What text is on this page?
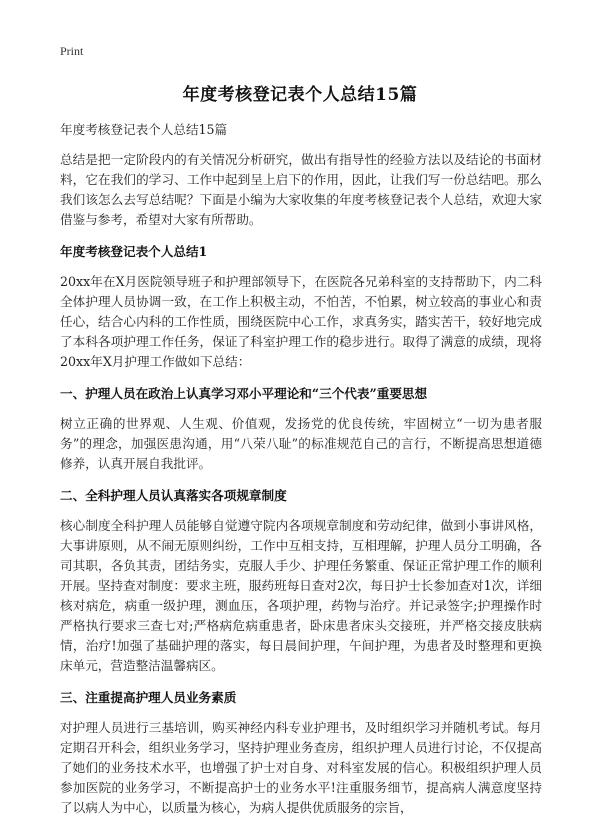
Print
年度考核登记表个人总结15篇

年度考核登记表个人总结15篇

总结是把一定阶段内的有关情况分析研究，做出有指导性的经验方法以及结论的书面材料，它在我们的学习、工作中起到呈上启下的作用，因此，让我们写一份总结吧。那么我们该怎么去写总结呢？下面是小编为大家收集的年度考核登记表个人总结，欢迎大家借鉴与参考，希望对大家有所帮助。

年度考核登记表个人总结1

20xx年在X月医院领导班子和护理部领导下，在医院各兄弟科室的支持帮助下，内二科全体护理人员协调一致，在工作上积极主动，不怕苦，不怕累，树立较高的事业心和责任心，结合心内科的工作性质，围绕医院中心工作，求真务实，踏实苦干，较好地完成了本科各项护理工作任务，保证了科室护理工作的稳步进行。取得了满意的成绩，现将20xx年X月护理工作做如下总结：

一、护理人员在政治上认真学习邓小平理论和“三个代表”重要思想

树立正确的世界观、人生观、价值观，发扬党的优良传统，牢固树立“一切为患者服务”的理念，加强医患沟通，用“八荣八耻”的标准规范自己的言行，不断提高思想道德修养，认真开展自我批评。

二、全科护理人员认真落实各项规章制度

核心制度全科护理人员能够自觉遵守院内各项规章制度和劳动纪律，做到小事讲风格，大事讲原则，从不闹无原则纠纷，工作中互相支持，互相理解，护理人员分工明确，各司其职，各负其责，团结务实，克服人手少、护理任务繁重、保证正常护理工作的顺利开展。坚持查对制度：要求主班，服药班每日查对2次，每日护士长参加查对1次，详细核对病危，病重一级护理，测血压，各项护理，药物与治疗。并记录签字;护理操作时严格执行要求三查七对;严格病危病重患者，卧床患者床头交接班，并严格交接皮肤病情，治疗!加强了基础护理的落实，每日晨间护理，午间护理，为患者及时整理和更换床单元，营造整洁温馨病区。

三、注重提高护理人员业务素质

对护理人员进行三基培训，购买神经内科专业护理书，及时组织学习并随机考试。每月定期召开科会，组织业务学习，坚持护理业务查房，组织护理人员进行讨论，不仅提高了她们的业务技术水平，也增强了护士对自身、对科室发展的信心。积极组织护理人员参加医院的业务学习，不断提高护士的业务水平!注重服务细节，提高病人满意度坚持了以病人为中心，以质量为核心，为病人提供优质服务的宗旨，
